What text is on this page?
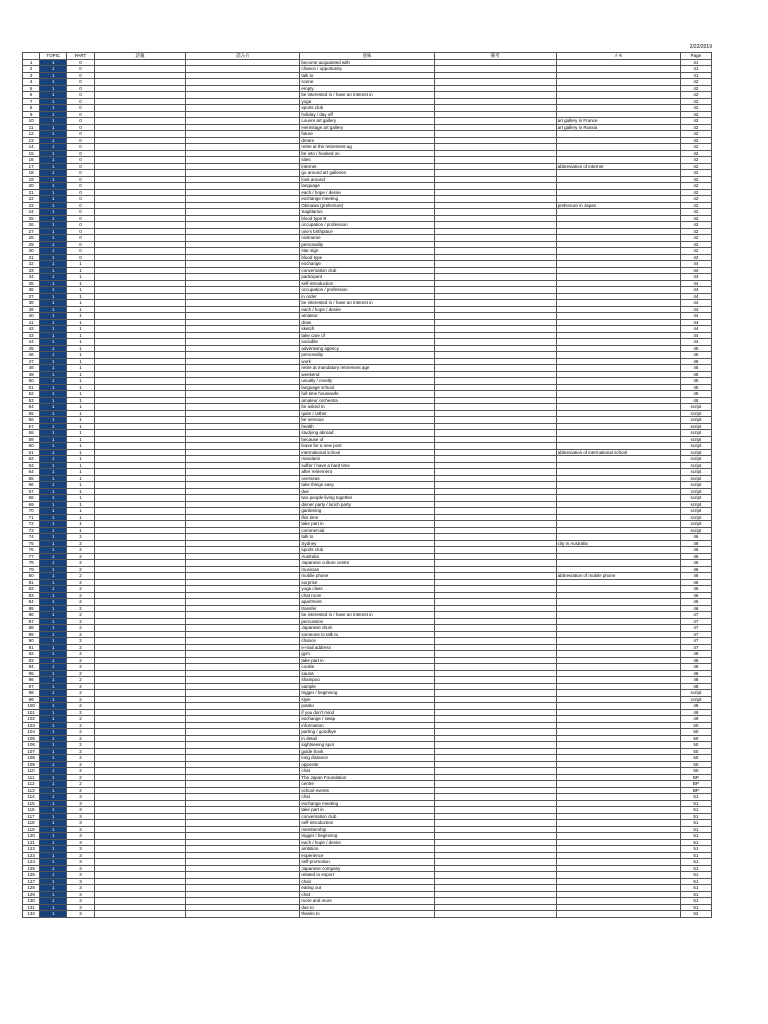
2/22/2019
	TOPIC	PART	語彙	読み方	意味	備考	メモ	Page
1	1	0			become acquainted with			41
2	1	0			chance / opportunity			41
3	1	0			talk to			41
4	1	0			scene			42
5	1	0			empty			42
6	1	0			be interested in / have an interest in			42
7	1	0			yoga			42
8	1	0			sports club			42
9	1	0			holiday / day off			42
10	1	0			Louvre art gallery		art gallery in France	42
11	1	0			Hermitage art gallery		art gallery in Russia	42
12	1	0			future			42
13	1	0			dream			42
14	1	0			retire at the retirement ag			42
15	1	0			be into / hooked on			42
16	1	0			sites			42
17	1	0			internet		abbreviation of internet	42
18	1	0			go around art galleries			42
19	1	0			look around			42
20	1	0			language			42
21	1	0			each / hope / desire			42
22	1	0			exchange meeting			42
23	1	0			Okinawa (prefecture)		prefecture in Japan	42
24	1	0			Sagittarius			42
25	1	0			blood type B			42
26	1	0			occupation / profession			42
27	1	0			one's birthplace			42
28	1	0			nickname			42
29	1	0			personality			42
30	1	0			star sign			42
31	1	0			blood type			42
32	1	1			exchange			44
33	1	1			conversation club			44
34	1	1			participant			44
35	1	1			self-introduction			44
36	1	1			occupation / profession			44
37	1	1			in order			44
38	1	1			be interested in / have an interest in			44
39	1	1			each / hope / desire			44
40	1	1			amateur			44
41	1	1			draw			44
42	1	1			sketch			44
43	1	1			take care of			44
44	1	1			sociable			44
45	1	1			advertising agency			45
46	1	1			personality			45
47	1	1			work			45
48	1	1			retire at mandatory retirement age			45
49	1	1			weekend			45
50	1	1			usually / mostly			45
51	1	1			language school			45
52	1	1			full-time housewife			45
53	1	1			amateur orchestra			45
54	1	1			be asked to			script
55	1	1			quite / rather			script
56	1	1			be nervous			script
57	1	1			health			script
58	1	1			studying abroad			script
59	1	1			because of			script
60	1	1			leave for a new post			script
61	1	1			international school		abbreviation of international school	script
62	1	1			mandarin			script
63	1	1			suffer / have a hard time			script
64	1	1			after retirement			script
65	1	1			overseas			script
66	1	1			take things easy			script
67	1	1			due			script
68	1	1			two people living together			script
69	1	1			dinner party / lunch party			script
70	1	1			gardening			script
71	1	1			this time			script
72	1	1			take part in			script
73	1	1			commercial			script
74	1	2			talk to			46
75	1	2			Sydney		city in Australia	46
76	1	2			sports club			46
77	1	2			Australia			46
78	1	2			Japanese culture centre			46
79	1	2			musician			46
80	1	2			mobile phone		abbreviation of mobile phone	46
81	1	2			surprise			46
82	1	2			yoga class			46
83	1	2			chat room			46
84	1	2			apartment			46
85	1	2			transfer			46
86	1	2			be interested in / have an interest in			47
87	1	2			percussion			47
88	1	2			Japanese drum			47
89	1	2			someone to talk to			47
90	1	2			chance			47
91	1	2			e-mail address			47
92	1	2			gym			48
93	1	2			take part in			48
94	1	2			cookie			48
95	1	2			sauna			48
96	1	2			shampoo			48
97	1	2			sample			48
98	1	2			trigger / beginning			script
99	1	2			style			script
100	1	2			potato			49
101	1	2			if you don't mind			49
102	1	2			exchange / swap			49
103	1	2			information			50
104	1	2			parting / goodbye			50
105	1	2			in detail			50
106	1	2			sightseeing spot			50
107	1	2			guide book			50
108	1	2			long distance			50
109	1	2			opposite			50
110	1	2			chat			50
111	1	2			The Japan Foundation			BP
112	1	2			centre			BP
113	1	2			school events			BP
114	1	3			chat			51
115	1	3			exchange meeting			51
116	1	3			take part in			51
117	1	3			conversation club			51
118	1	3			self-introduction			51
119	1	3			membership			51
120	1	3			trigger / beginning			51
121	1	3			each / hope / desire			51
122	1	3			ambition			51
123	1	3			experience			51
124	1	3			self-promotion			51
125	1	3			Japanese company			51
126	1	3			related to export			51
127	1	3			chair			51
128	1	3			eating out			51
129	1	3			chat			51
130	1	3			more and more			51
131	1	3			due to			51
132	1	3			thanks to			52
